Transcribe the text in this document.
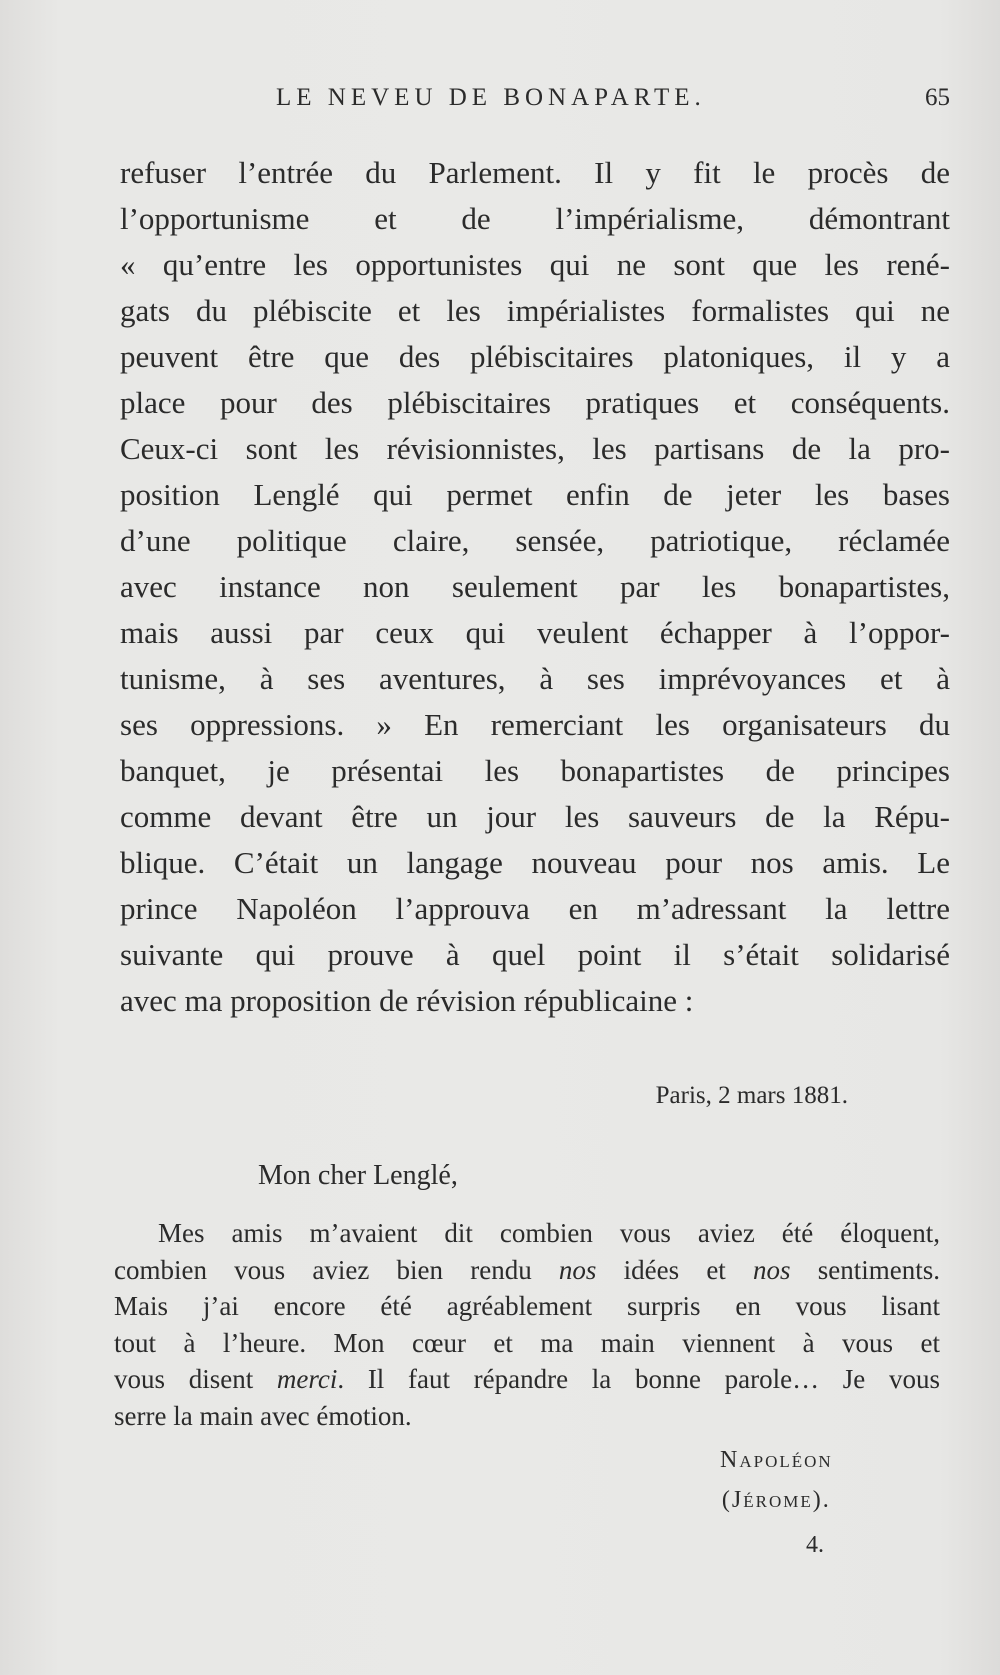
LE NEVEU DE BONAPARTE.	65
refuser l’entrée du Parlement. Il y fit le procès de
l’opportunisme et de l’impérialisme, démontrant
« qu’entre les opportunistes qui ne sont que les rené-
gats du plébiscite et les impérialistes formalistes qui ne
peuvent être que des plébiscitaires platoniques, il y a
place pour des plébiscitaires pratiques et conséquents.
Ceux-ci sont les révisionnistes, les partisans de la pro-
position Lenglé qui permet enfin de jeter les bases
d’une politique claire, sensée, patriotique, réclamée
avec instance non seulement par les bonapartistes,
mais aussi par ceux qui veulent échapper à l’oppor-
tunisme, à ses aventures, à ses imprévoyances et à
ses oppressions. » En remerciant les organisateurs du
banquet, je présentai les bonapartistes de principes
comme devant être un jour les sauveurs de la Répu-
blique. C’était un langage nouveau pour nos amis. Le
prince Napoléon l’approuva en m’adressant la lettre
suivante qui prouve à quel point il s’était solidarisé
avec ma proposition de révision républicaine :
Paris, 2 mars 1881.
Mon cher Lenglé,
Mes amis m’avaient dit combien vous aviez été éloquent,
combien vous aviez bien rendu nos idées et nos sentiments.
Mais j’ai encore été agréablement surpris en vous lisant
tout à l’heure. Mon cœur et ma main viennent à vous et
vous disent merci. Il faut répandre la bonne parole… Je vous
serre la main avec émotion.
Napoléon
(Jérome).
4.
